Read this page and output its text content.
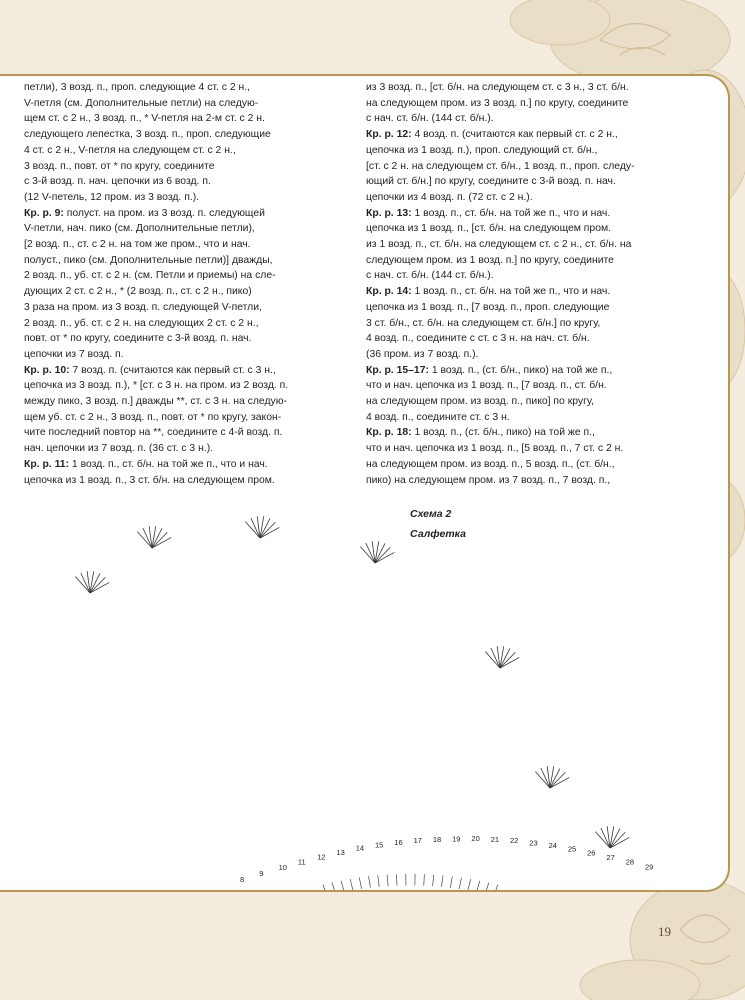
петли), 3 возд. п., проп. следующие 4 ст. с 2 н.,
V-петля (см. Дополнительные петли) на следую-
щем ст. с 2 н., 3 возд. п., * V-петля на 2-м ст. с 2 н.
следующего лепестка, 3 возд. п., проп. следующие
4 ст. с 2 н., V-петля на следующем ст. с 2 н.,
3 возд. п., повт. от * по кругу, соедините
с 3-й возд. п. нач. цепочки из 6 возд. п.
(12 V-петель, 12 пром. из 3 возд. п.).

Кр. р. 9: полуст. на пром. из 3 возд. п. следующей
V-петли, нач. пико (см. Дополнительные петли),
[2 возд. п., ст. с 2 н. на том же пром., что и нач.
полуст., пико (см. Дополнительные петли)] дважды,
2 возд. п., уб. ст. с 2 н. (см. Петли и приемы) на сле-
дующих 2 ст. с 2 н., * (2 возд. п., ст. с 2 н., пико)
3 раза на пром. из 3 возд. п. следующей V-петли,
2 возд. п., уб. ст. с 2 н. на следующих 2 ст. с 2 н.,
повт. от * по кругу, соедините с 3-й возд. п. нач.
цепочки из 7 возд. п.

Кр. р. 10: 7 возд. п. (считаются как первый ст. с 3 н.,
цепочка из 3 возд. п.), * [ст. с 3 н. на пром. из 2 возд. п.
между пико, 3 возд. п.] дважды **, ст. с 3 н. на следую-
щем уб. ст. с 2 н., 3 возд. п., повт. от * по кругу, закон-
чите последний повтор на **, соедините с 4-й возд. п.
нач. цепочки из 7 возд. п. (36 ст. с 3 н.).

Кр. р. 11: 1 возд. п., ст. б/н. на той же п., что и нач.
цепочка из 1 возд. п., 3 ст. б/н. на следующем пром.

из 3 возд. п., [ст. б/н. на следующем ст. с 3 н., 3 ст. б/н.
на следующем пром. из 3 возд. п.] по кругу, соедините
с нач. ст. б/н. (144 ст. б/н.).

Кр. р. 12: 4 возд. п. (считаются как первый ст. с 2 н.,
цепочка из 1 возд. п.), проп. следующий ст. б/н.,
[ст. с 2 н. на следующем ст. б/н., 1 возд. п., проп. следу-
ющий ст. б/н.] по кругу, соедините с 3-й возд. п. нач.
цепочки из 4 возд. п. (72 ст. с 2 н.).

Кр. р. 13: 1 возд. п., ст. б/н. на той же п., что и нач.
цепочка из 1 возд. п., [ст. б/н. на следующем пром.
из 1 возд. п., ст. б/н. на следующем ст. с 2 н., ст. б/н. на
следующем пром. из 1 возд. п.] по кругу, соедините
с нач. ст. б/н. (144 ст. б/н.).

Кр. р. 14: 1 возд. п., ст. б/н. на той же п., что и нач.
цепочка из 1 возд. п., [7 возд. п., проп. следующие
3 ст. б/н., ст. б/н. на следующем ст. б/н.] по кругу,
4 возд. п., соедините с ст. с 3 н. на нач. ст. б/н.
(36 пром. из 7 возд. п.).

Кр. р. 15–17: 1 возд. п., (ст. б/н., пико) на той же п.,
что и нач. цепочка из 1 возд. п., [7 возд. п., ст. б/н.
на следующем пром. из возд. п., пико] по кругу,
4 возд. п., соедините ст. с 3 н.

Кр. р. 18: 1 возд. п., (ст. б/н., пико) на той же п.,
что и нач. цепочка из 1 возд. п., [5 возд. п., 7 ст. с 2 н.
на следующем пром. из возд. п., 5 возд. п., (ст. б/н.,
пико) на следующем пром. из 7 возд. п., 7 возд. п.,

Схема 2
Салфетка
8
9
10
11
12
13 14 15 16 17 18 19 20 21 22 23 24 25 26 27
28
29
19
